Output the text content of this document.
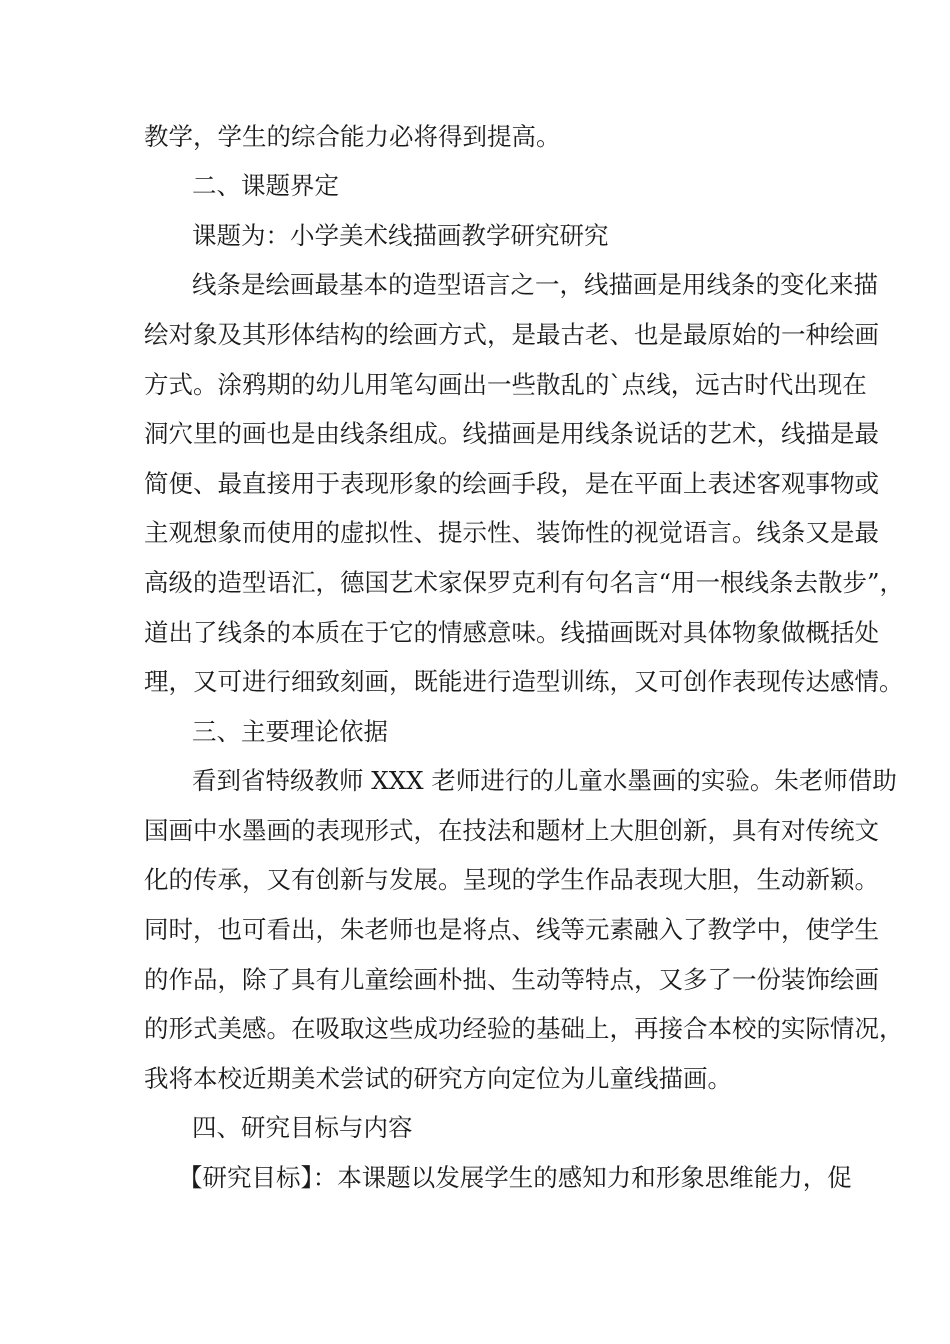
教学，学生的综合能力必将得到提高。
二、课题界定
课题为：小学美术线描画教学研究研究
线条是绘画最基本的造型语言之一，线描画是用线条的变化来描
绘对象及其形体结构的绘画方式，是最古老、也是最原始的一种绘画
方式。涂鸦期的幼儿用笔勾画出一些散乱的`点线，远古时代出现在
洞穴里的画也是由线条组成。线描画是用线条说话的艺术，线描是最
简便、最直接用于表现形象的绘画手段，是在平面上表述客观事物或
主观想象而使用的虚拟性、提示性、装饰性的视觉语言。线条又是最
高级的造型语汇，德国艺术家保罗克利有句名言“用一根线条去散步”，
道出了线条的本质在于它的情感意味。线描画既对具体物象做概括处
理，又可进行细致刻画，既能进行造型训练，又可创作表现传达感情。
三、主要理论依据
看到省特级教师 XXX 老师进行的儿童水墨画的实验。朱老师借助
国画中水墨画的表现形式，在技法和题材上大胆创新，具有对传统文
化的传承，又有创新与发展。呈现的学生作品表现大胆，生动新颖。
同时，也可看出，朱老师也是将点、线等元素融入了教学中，使学生
的作品，除了具有儿童绘画朴拙、生动等特点，又多了一份装饰绘画
的形式美感。在吸取这些成功经验的基础上，再接合本校的实际情况，
我将本校近期美术尝试的研究方向定位为儿童线描画。
四、研究目标与内容
【研究目标】：本课题以发展学生的感知力和形象思维能力，促
